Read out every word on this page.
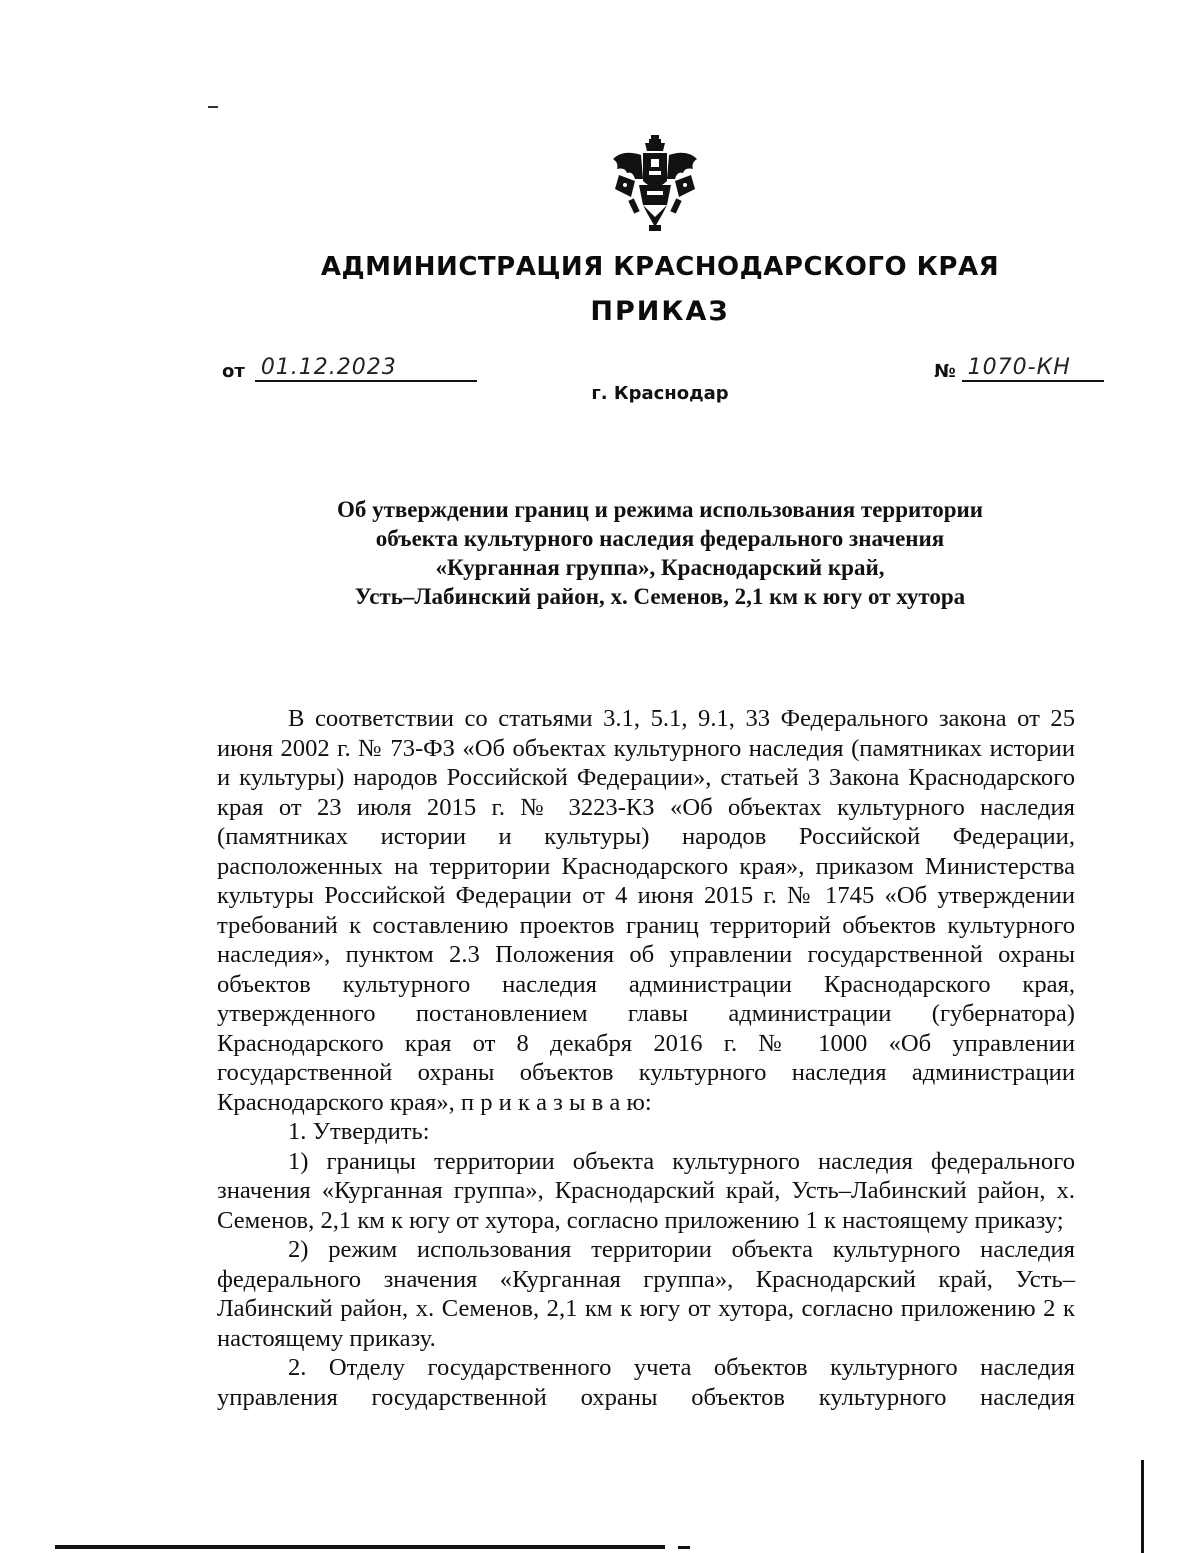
АДМИНИСТРАЦИЯ КРАСНОДАРСКОГО КРАЯ
ПРИКАЗ
от 01.12.2023	№ 1070-КН
г. Краснодар
Об утверждении границ и режима использования территории
объекта культурного наследия федерального значения
«Курганная группа», Краснодарский край,
Усть–Лабинский район, х. Семенов, 2,1 км к югу от хутора

В соответствии со статьями 3.1, 5.1, 9.1, 33 Федерального закона от 25 июня 2002 г. № 73-ФЗ «Об объектах культурного наследия (памятниках истории и культуры) народов Российской Федерации», статьей 3 Закона Краснодарского края от 23 июля 2015 г. № 3223-КЗ «Об объектах культурного наследия (памятниках истории и культуры) народов Российской Федерации, расположенных на территории Краснодарского края», приказом Министерства культуры Российской Федерации от 4 июня 2015 г. № 1745 «Об утверждении требований к составлению проектов границ территорий объектов культурного наследия», пунктом 2.3 Положения об управлении государственной охраны объектов культурного наследия администрации Краснодарского края, утвержденного постановлением главы администрации (губернатора) Краснодарского края от 8 декабря 2016 г. № 1000 «Об управлении государственной охраны объектов культурного наследия администрации Краснодарского края», п р и к а з ы в а ю:

1. Утвердить:

1) границы территории объекта культурного наследия федерального значения «Курганная группа», Краснодарский край, Усть–Лабинский район, х. Семенов, 2,1 км к югу от хутора, согласно приложению 1 к настоящему приказу;

2) режим использования территории объекта культурного наследия федерального значения «Курганная группа», Краснодарский край, Усть–Лабинский район, х. Семенов, 2,1 км к югу от хутора, согласно приложению 2 к настоящему приказу.

2. Отделу государственного учета объектов культурного наследия управления государственной охраны объектов культурного наследия
